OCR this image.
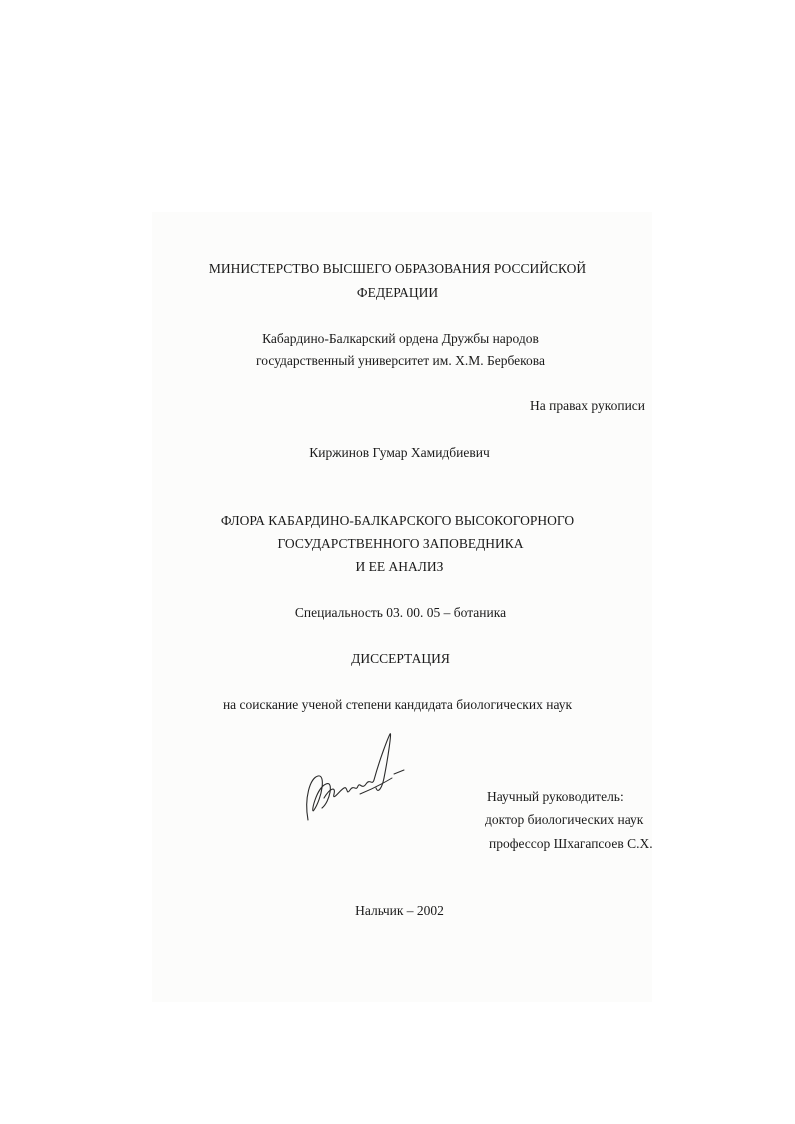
МИНИСТЕРСТВО ВЫСШЕГО ОБРАЗОВАНИЯ РОССИЙСКОЙ
ФЕДЕРАЦИИ
Кабардино-Балкарский ордена Дружбы народов
государственный университет им. Х.М. Бербекова
На правах рукописи
Киржинов Гумар Хамидбиевич
ФЛОРА КАБАРДИНО-БАЛКАРСКОГО ВЫСОКОГОРНОГО
ГОСУДАРСТВЕННОГО ЗАПОВЕДНИКА
И ЕЕ АНАЛИЗ
Специальность 03. 00. 05 – ботаника
ДИССЕРТАЦИЯ
на соискание ученой степени кандидата биологических наук
Научный руководитель:
доктор биологических наук
профессор Шхагапсоев С.Х.
Нальчик – 2002
